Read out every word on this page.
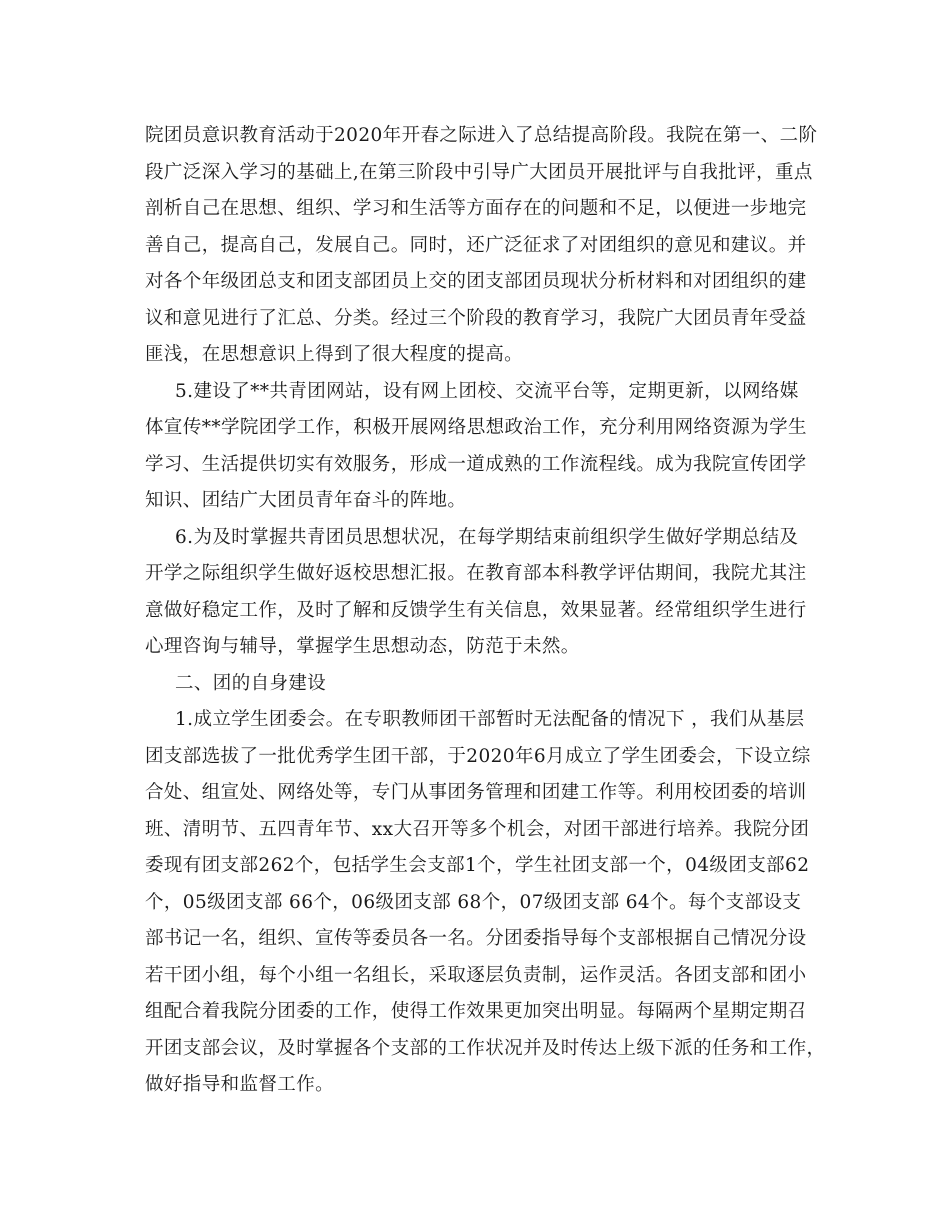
院团员意识教育活动于2020年开春之际进入了总结提高阶段。我院在第一、二阶
段广泛深入学习的基础上,在第三阶段中引导广大团员开展批评与自我批评，重点
剖析自己在思想、组织、学习和生活等方面存在的问题和不足，以便进一步地完
善自己，提高自己，发展自己。同时，还广泛征求了对团组织的意见和建议。并
对各个年级团总支和团支部团员上交的团支部团员现状分析材料和对团组织的建
议和意见进行了汇总、分类。经过三个阶段的教育学习，我院广大团员青年受益
匪浅，在思想意识上得到了很大程度的提高。
5.建设了**共青团网站，设有网上团校、交流平台等，定期更新，以网络媒
体宣传**学院团学工作，积极开展网络思想政治工作，充分利用网络资源为学生
学习、生活提供切实有效服务，形成一道成熟的工作流程线。成为我院宣传团学
知识、团结广大团员青年奋斗的阵地。
6.为及时掌握共青团员思想状况，在每学期结束前组织学生做好学期总结及
开学之际组织学生做好返校思想汇报。在教育部本科教学评估期间，我院尤其注
意做好稳定工作，及时了解和反馈学生有关信息，效果显著。经常组织学生进行
心理咨询与辅导，掌握学生思想动态，防范于未然。
二、团的自身建设
1.成立学生团委会。在专职教师团干部暂时无法配备的情况下 ，我们从基层
团支部选拔了一批优秀学生团干部，于2020年6月成立了学生团委会，下设立综
合处、组宣处、网络处等，专门从事团务管理和团建工作等。利用校团委的培训
班、清明节、五四青年节、xx大召开等多个机会，对团干部进行培养。我院分团
委现有团支部262个，包括学生会支部1个，学生社团支部一个，04级团支部62
个，05级团支部 66个，06级团支部 68个，07级团支部 64个。每个支部设支
部书记一名，组织、宣传等委员各一名。分团委指导每个支部根据自己情况分设
若干团小组，每个小组一名组长，采取逐层负责制，运作灵活。各团支部和团小
组配合着我院分团委的工作，使得工作效果更加突出明显。每隔两个星期定期召
开团支部会议，及时掌握各个支部的工作状况并及时传达上级下派的任务和工作，
做好指导和监督工作。
